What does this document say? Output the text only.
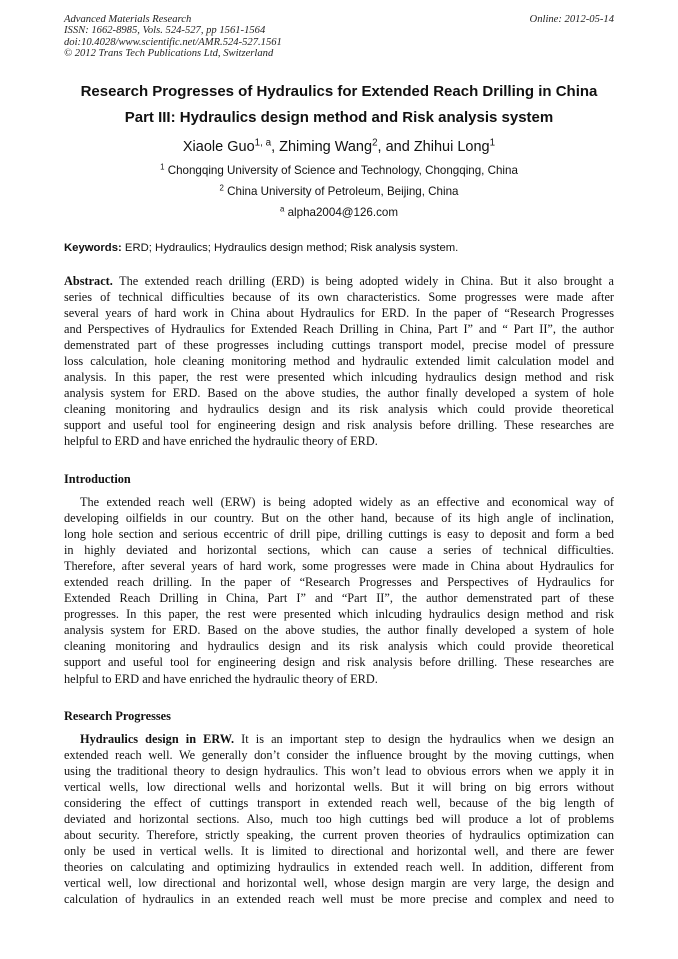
Advanced Materials Research
ISSN: 1662-8985, Vols. 524-527, pp 1561-1564
doi:10.4028/www.scientific.net/AMR.524-527.1561
© 2012 Trans Tech Publications Ltd, Switzerland
Online: 2012-05-14
Research Progresses of Hydraulics for Extended Reach Drilling in China
Part III: Hydraulics design method and Risk analysis system
Xiaole Guo$^{1, a}$, Zhiming Wang$^2$, and Zhihui Long$^1$
$^1$ Chongqing University of Science and Technology, Chongqing, China
$^2$ China University of Petroleum, Beijing, China
$^a$ alpha2004@126.com
Keywords: ERD; Hydraulics; Hydraulics design method; Risk analysis system.
Abstract. The extended reach drilling (ERD) is being adopted widely in China. But it also brought a
series of technical difficulties because of its own characteristics. Some progresses were made after
several years of hard work in China about Hydraulics for ERD. In the paper of “Research Progresses
and Perspectives of Hydraulics for Extended Reach Drilling in China, Part I” and “ Part II”, the author
demenstrated part of these progresses including cuttings transport model, precise model of pressure
loss calculation, hole cleaning monitoring method and hydraulic extended limit calculation model and
analysis. In this paper, the rest were presented which inlcuding hydraulics design method and risk
analysis system for ERD. Based on the above studies, the author finally developed a system of hole
cleaning monitoring and hydraulics design and its risk analysis which could provide theoretical
support and useful tool for engineering design and risk analysis before drilling. These researches are
helpful to ERD and have enriched the hydraulic theory of ERD.
Introduction
The extended reach well (ERW) is being adopted widely as an effective and economical way of
developing oilfields in our country. But on the other hand, because of its high angle of inclination,
long hole section and serious eccentric of drill pipe, drilling cuttings is easy to deposit and form a bed
in highly deviated and horizontal sections, which can cause a series of technical difficulties.
Therefore, after several years of hard work, some progresses were made in China about Hydraulics for
extended reach drilling. In the paper of “Research Progresses and Perspectives of Hydraulics for
Extended Reach Drilling in China, Part I” and “Part II”, the author demenstrated part of these
progresses. In this paper, the rest were presented which inlcuding hydraulics design method and risk
analysis system for ERD. Based on the above studies, the author finally developed a system of hole
cleaning monitoring and hydraulics design and its risk analysis which could provide theoretical
support and useful tool for engineering design and risk analysis before drilling. These researches are
helpful to ERD and have enriched the hydraulic theory of ERD.
Research Progresses
Hydraulics design in ERW. It is an important step to design the hydraulics when we design an
extended reach well. We generally don’t consider the influence brought by the moving cuttings, when
using the traditional theory to design hydraulics. This won’t lead to obvious errors when we apply it in
vertical wells, low directional wells and horizontal wells. But it will bring on big errors without
considering the effect of cuttings transport in extended reach well, because of the big length of
deviated and horizontal sections. Also, much too high cuttings bed will produce a lot of problems
about security. Therefore, strictly speaking, the current proven theories of hydraulics optimization can
only be used in vertical wells. It is limited to directional and horizontal well, and there are fewer
theories on calculating and optimizing hydraulics in extended reach well. In addition, different from
vertical well, low directional and horizontal well, whose design margin are very large, the design and
calculation of hydraulics in an extended reach well must be more precise and complex and need to
